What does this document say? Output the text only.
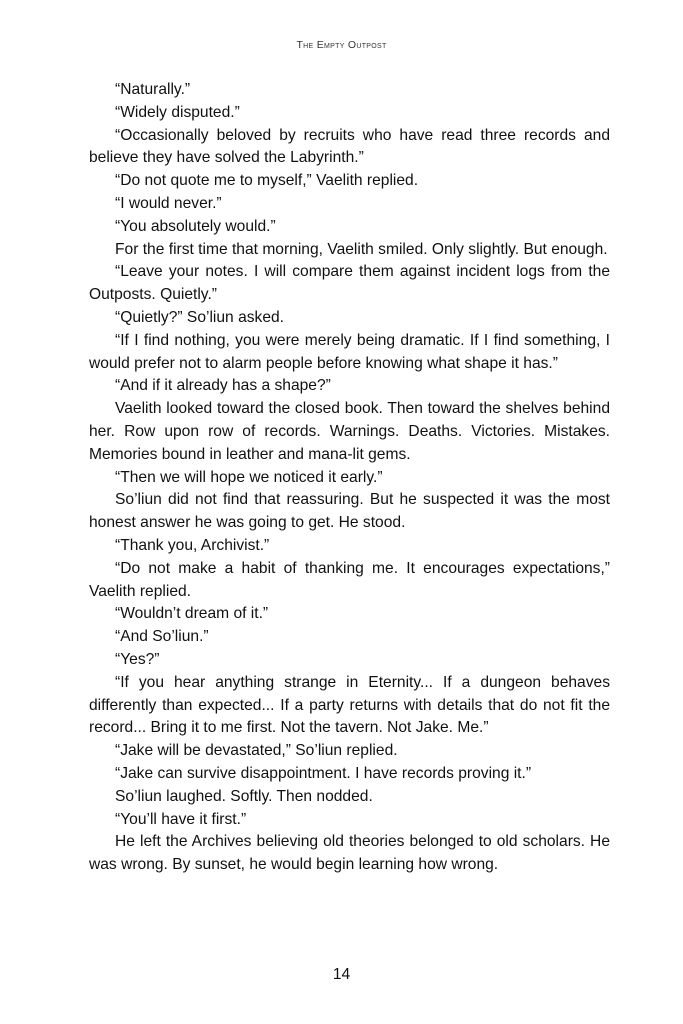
The Empty Outpost

“Naturally.”

“Widely disputed.”

“Occasionally beloved by recruits who have read three records and believe they have solved the Labyrinth.”

“Do not quote me to myself,” Vaelith replied.

“I would never.”

“You absolutely would.”

For the first time that morning, Vaelith smiled. Only slightly. But enough.

“Leave your notes. I will compare them against incident logs from the Outposts. Quietly.”

“Quietly?” So’liun asked.

“If I find nothing, you were merely being dramatic. If I find something, I would prefer not to alarm people before knowing what shape it has.”

“And if it already has a shape?”

Vaelith looked toward the closed book. Then toward the shelves behind her. Row upon row of records. Warnings. Deaths. Victories. Mistakes. Memories bound in leather and mana-lit gems.

“Then we will hope we noticed it early.”

So’liun did not find that reassuring. But he suspected it was the most honest answer he was going to get. He stood.

“Thank you, Archivist.”

“Do not make a habit of thanking me. It encourages expectations,” Vaelith replied.

“Wouldn’t dream of it.”

“And So’liun.”

“Yes?”

“If you hear anything strange in Eternity... If a dungeon behaves differently than expected... If a party returns with details that do not fit the record... Bring it to me first. Not the tavern. Not Jake. Me.”

“Jake will be devastated,” So’liun replied.

“Jake can survive disappointment. I have records proving it.”

So’liun laughed. Softly. Then nodded.

“You’ll have it first.”

He left the Archives believing old theories belonged to old scholars. He was wrong. By sunset, he would begin learning how wrong.

14
